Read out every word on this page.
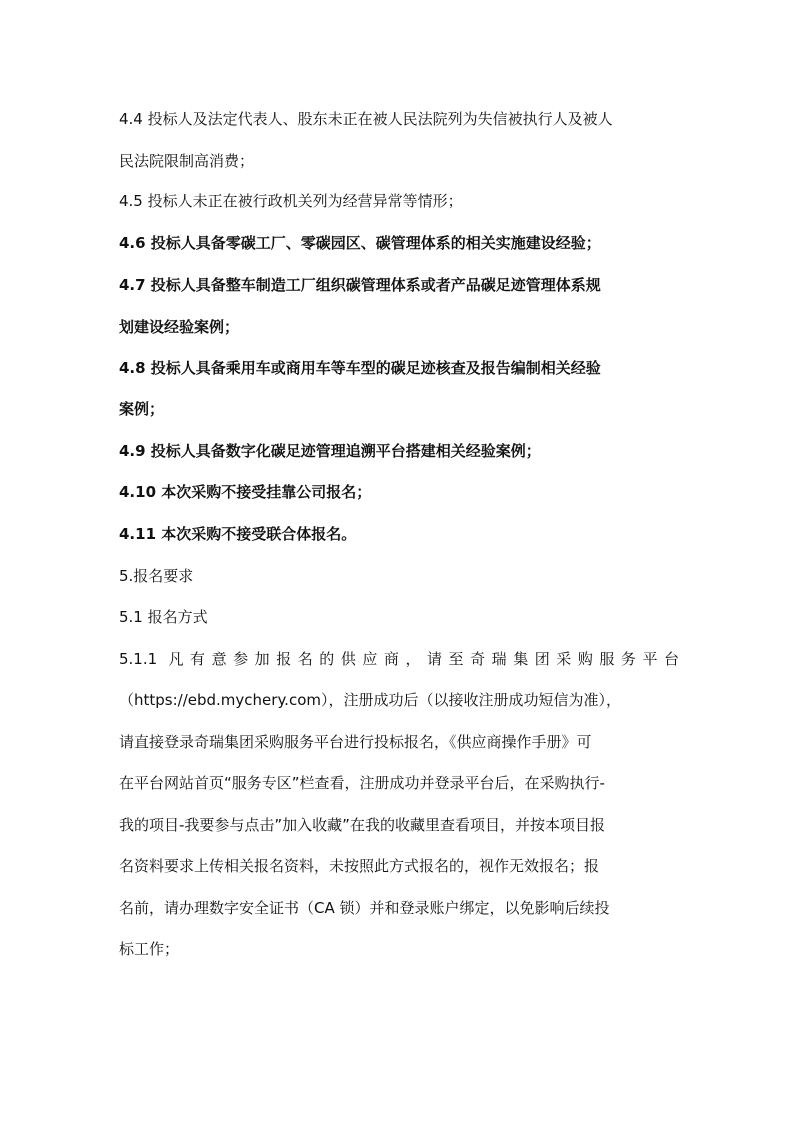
4.4 投标人及法定代表人、股东未正在被人民法院列为失信被执行人及被人
民法院限制高消费；
4.5 投标人未正在被行政机关列为经营异常等情形；
4.6 投标人具备零碳工厂、零碳园区、碳管理体系的相关实施建设经验；
4.7 投标人具备整车制造工厂组织碳管理体系或者产品碳足迹管理体系规
划建设经验案例；
4.8 投标人具备乘用车或商用车等车型的碳足迹核查及报告编制相关经验
案例；
4.9 投标人具备数字化碳足迹管理追溯平台搭建相关经验案例；
4.10 本次采购不接受挂靠公司报名；
4.11 本次采购不接受联合体报名。
5.报名要求
5.1 报名方式
5.1.1 凡有意参加报名的供应商，请至奇瑞集团采购服务平台
（https://ebd.mychery.com），注册成功后（以接收注册成功短信为准），
请直接登录奇瑞集团采购服务平台进行投标报名，《供应商操作手册》可
在平台网站首页“服务专区”栏查看，注册成功并登录平台后，在采购执行-
我的项目-我要参与点击”加入收藏”在我的收藏里查看项目，并按本项目报
名资料要求上传相关报名资料，未按照此方式报名的，视作无效报名；报
名前，请办理数字安全证书（CA 锁）并和登录账户绑定，以免影响后续投
标工作；
